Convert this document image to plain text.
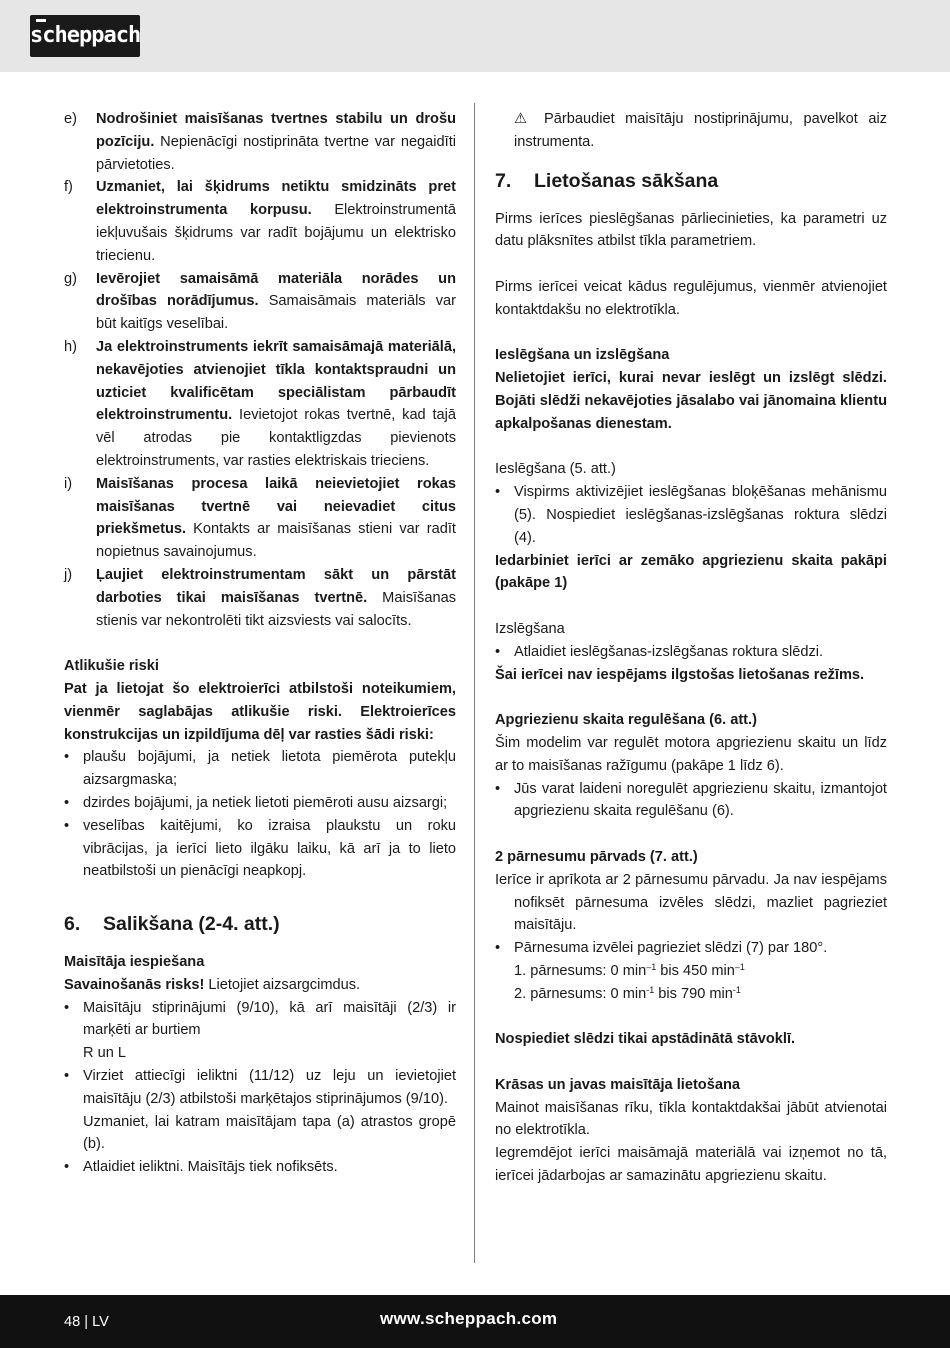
scheppach
e) Nodrošiniet maisīšanas tvertnes stabilu un drošu pozīciju. Nepienācīgi nostiprināta tvertne var negaidīti pārvietoties.
f) Uzmaniet, lai šķidrums netiktu smidzināts pret elektroinstrumenta korpusu. Elektroinstrumentā iekļuvušais šķidrums var radīt bojājumu un elektrisko triecienu.
g) Ievērojiet samaisāmā materiāla norādes un drošības norādījumus. Samaisāmais materiāls var būt kaitīgs veselībai.
h) Ja elektroinstruments iekrīt samaisāmajā materiālā, nekavējoties atvienojiet tīkla kontaktspraudni un uzticiet kvalificētam speciālistam pārbaudīt elektroinstrumentu. Ievietojot rokas tvertnē, kad tajā vēl atrodas pie kontaktligzdas pievienots elektroinstruments, var rasties elektriskais trieciens.
i) Maisīšanas procesa laikā neievietojiet rokas maisīšanas tvertnē vai neievadiet citus priekšmetus. Kontakts ar maisīšanas stieni var radīt nopietnus savainojumus.
j) Ļaujiet elektroinstrumentam sākt un pārstāt darboties tikai maisīšanas tvertnē. Maisīšanas stienis var nekontrolēti tikt aizsviests vai salocīts.

Atlikušie riski

Pat ja lietojat šo elektroierīci atbilstoši noteikumiem, vienmēr saglabājas atlikušie riski. Elektroierīces konstrukcijas un izpildījuma dēļ var rasties šādi riski:

• plaušu bojājumi, ja netiek lietota piemērota putekļu aizsargmaska;
• dzirdes bojājumi, ja netiek lietoti piemēroti ausu aizsargi;
• veselības kaitējumi, ko izraisa plaukstu un roku vibrācijas, ja ierīci lieto ilgāku laiku, kā arī ja to lieto neatbilstoši un pienācīgi neapkopj.
6. Salikšana (2-4. att.)

Maisītāja iespiešana

Savainošanās risks! Lietojiet aizsargcimdus.

• Maisītāju stiprinājumi (9/10), kā arī maisītāji (2/3) ir marķēti ar burtiem
R un L
• Virziet attiecīgi ieliktni (11/12) uz leju un ievietojiet maisītāju (2/3) atbilstoši marķētajos stiprinājumos (9/10).
Uzmaniet, lai katram maisītājam tapa (a) atrastos gropē (b).
• Atlaidiet ieliktni. Maisītājs tiek nofiksēts.

⚠ Pārbaudiet maisītāju nostiprinājumu, pavelkot aiz instrumenta.

7. Lietošanas sākšana

Pirms ierīces pieslēgšanas pārliecinieties, ka parametri uz datu plāksnītes atbilst tīkla parametriem.

Pirms ierīcei veicat kādus regulējumus, vienmēr atvienojiet kontaktdakšu no elektrotīkla.

Ieslēgšana un izslēgšana

Nelietojiet ierīci, kurai nevar ieslēgt un izslēgt slēdzi. Bojāti slēdži nekavējoties jāsalabo vai jānomaina klientu apkalpošanas dienestam.

Ieslēgšana (5. att.)

• Vispirms aktivizējiet ieslēgšanas bloķēšanas mehānismu (5). Nospiediet ieslēgšanas-izslēgšanas roktura slēdzi (4).

Iedarbiniet ierīci ar zemāko apgriezienu skaita pakāpi (pakāpe 1)

Izslēgšana

• Atlaidiet ieslēgšanas-izslēgšanas roktura slēdzi.

Šai ierīcei nav iespējams ilgstošas lietošanas režīms.

Apgriezienu skaita regulēšana (6. att.)

Šim modelim var regulēt motora apgriezienu skaitu un līdz ar to maisīšanas ražīgumu (pakāpe 1 līdz 6).

• Jūs varat laideni noregulēt apgriezienu skaitu, izmantojot apgriezienu skaita regulēšanu (6).

2 pārnesumu pārvads (7. att.)

Ierīce ir aprīkota ar 2 pārnesumu pārvadu. Ja nav iespējams nofiksēt pārnesuma izvēles slēdzi, mazliet pagrieziet maisītāju.

• Pārnesuma izvēlei pagrieziet slēdzi (7) par 180°.

1. pārnesums: 0 $\min^{-1}$ bis 450 $\min^{-1}$

2. pārnesums: 0 $\min^{-1}$ bis 790 $\min^{-1}$

Nospiediet slēdzi tikai apstādinātā stāvoklī.

Krāsas un javas maisītāja lietošana

Mainot maisīšanas rīku, tīkla kontaktdakšai jābūt atvienotai no elektrotīkla.

Iegremdējot ierīci maisāmajā materiālā vai izņemot no tā, ierīcei jādarbojas ar samazinātu apgriezienu skaitu.

48 | LV	www.scheppach.com
